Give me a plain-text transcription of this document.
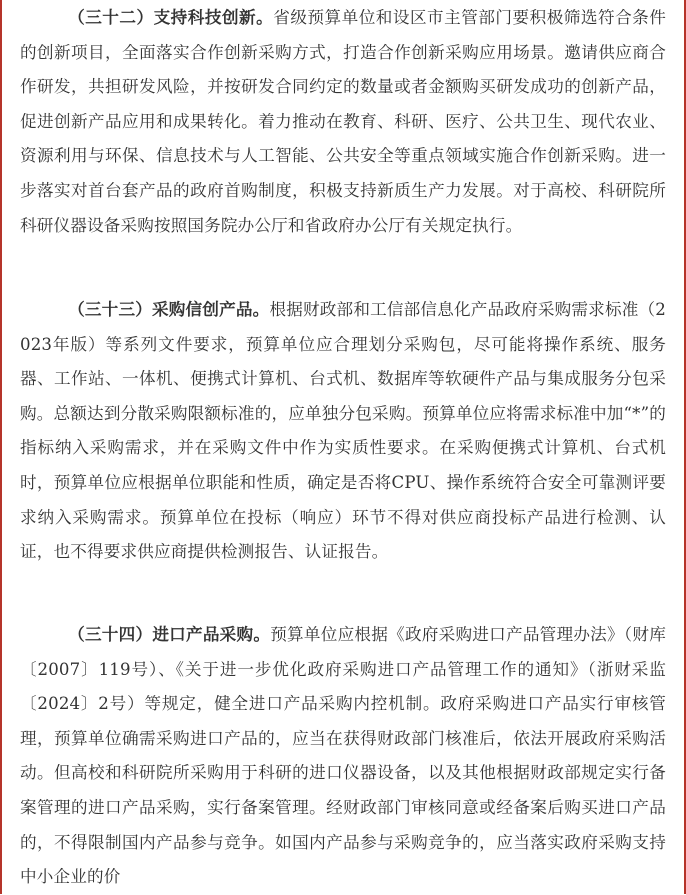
（三十二）支持科技创新。省级预算单位和设区市主管部门要积极筛选符合条件的创新项目，全面落实合作创新采购方式，打造合作创新采购应用场景。邀请供应商合作研发，共担研发风险，并按研发合同约定的数量或者金额购买研发成功的创新产品，促进创新产品应用和成果转化。着力推动在教育、科研、医疗、公共卫生、现代农业、资源利用与环保、信息技术与人工智能、公共安全等重点领域实施合作创新采购。进一步落实对首台套产品的政府首购制度，积极支持新质生产力发展。对于高校、科研院所科研仪器设备采购按照国务院办公厅和省政府办公厅有关规定执行。

（三十三）采购信创产品。根据财政部和工信部信息化产品政府采购需求标准（2023年版）等系列文件要求，预算单位应合理划分采购包，尽可能将操作系统、服务器、工作站、一体机、便携式计算机、台式机、数据库等软硬件产品与集成服务分包采购。总额达到分散采购限额标准的，应单独分包采购。预算单位应将需求标准中加“*”的指标纳入采购需求，并在采购文件中作为实质性要求。在采购便携式计算机、台式机时，预算单位应根据单位职能和性质，确定是否将CPU、操作系统符合安全可靠测评要求纳入采购需求。预算单位在投标（响应）环节不得对供应商投标产品进行检测、认证，也不得要求供应商提供检测报告、认证报告。

（三十四）进口产品采购。预算单位应根据《政府采购进口产品管理办法》（财库〔2007〕119号）、《关于进一步优化政府采购进口产品管理工作的通知》（浙财采监〔2024〕2号）等规定，健全进口产品采购内控机制。政府采购进口产品实行审核管理，预算单位确需采购进口产品的，应当在获得财政部门核准后，依法开展政府采购活动。但高校和科研院所采购用于科研的进口仪器设备，以及其他根据财政部规定实行备案管理的进口产品采购，实行备案管理。经财政部门审核同意或经备案后购买进口产品的，不得限制国内产品参与竞争。如国内产品参与采购竞争的，应当落实政府采购支持中小企业的价
